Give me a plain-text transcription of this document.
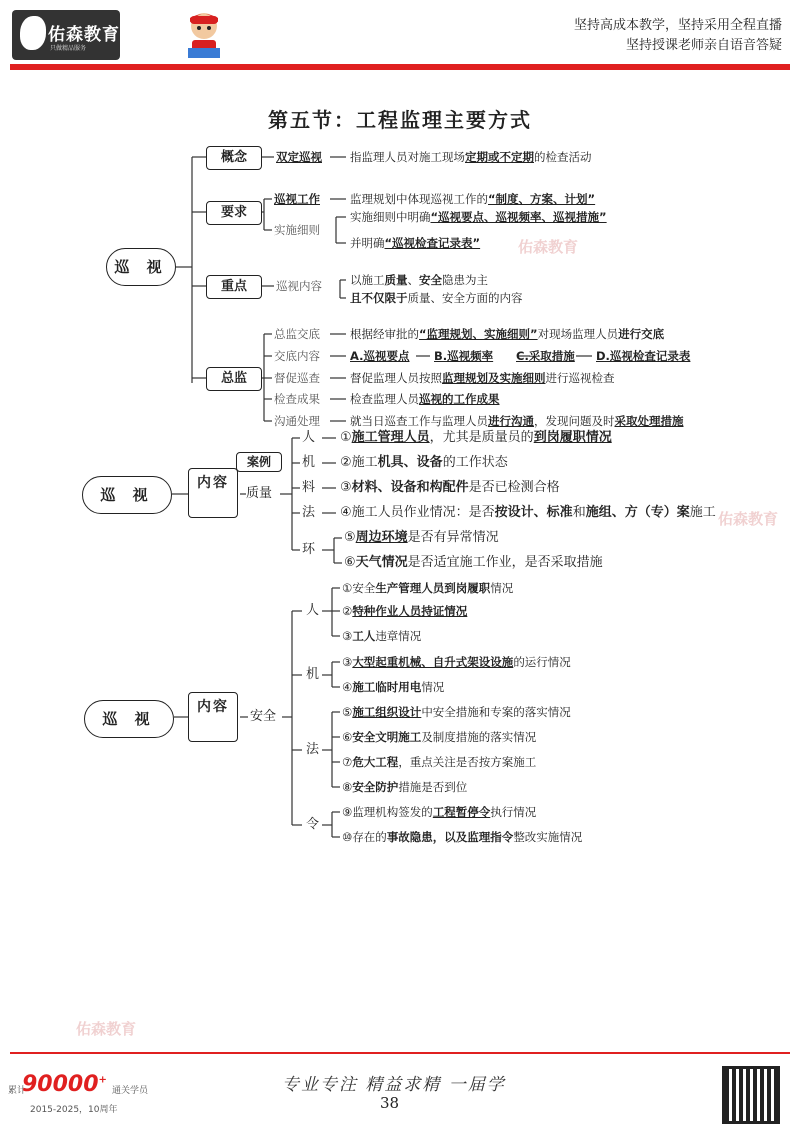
佑森教育
只做精品服务
坚持高成本教学，坚持采用全程直播
坚持授课老师亲自语音答疑
佑森教育
佑森教育
佑森教育
第五节：工程监理主要方式
巡 视
概念	双定巡视 指监理人员对施工现场定期或不定期的检查活动
要求
巡视工作	监理规划中体现巡视工作的“制度、方案、计划”
实施细则
实施细则中明确“巡视要点、巡视频率、巡视措施”
并明确“巡视检查记录表”
重点	巡视内容 以施工质量、安全隐患为主
且不仅限于质量、安全方面的内容
总监
总监交底	根据经审批的“监理规划、实施细则”对现场监理人员进行交底
交底内容	A.巡视要点 B.巡视频率 C.采取措施 D.巡视检查记录表
督促巡查	督促监理人员按照监理规划及实施细则进行巡视检查
检查成果	检查监理人员巡视的工作成果
沟通处理	就当日巡查工作与监理人员进行沟通，发现问题及时采取处理措施
巡 视
内容
案例
质量
人 ①施工管理人员，尤其是质量员的到岗履职情况
机 ②施工机具、设备的工作状态
料 ③材料、设备和构配件是否已检测合格
法 ④施工人员作业情况：是否按设计、标准和施组、方（专）案施工
环
⑤周边环境是否有异常情况
⑥天气情况是否适宜施工作业，是否采取措施
巡 视
内容
安全
人
①安全生产管理人员到岗履职情况
②特种作业人员持证情况
③工人违章情况
机
③大型起重机械、自升式架设设施的运行情况
④施工临时用电情况
法
⑤施工组织设计中安全措施和专案的落实情况
⑥安全文明施工及制度措施的落实情况
⑦危大工程，重点关注是否按方案施工
⑧安全防护措施是否到位
令
⑨监理机构签发的工程暂停令执行情况
⑩存在的事故隐患，以及监理指令整改实施情况
累计
90000+
通关学员
2015-2025，10周年
专业专注 精益求精 一届学
38
